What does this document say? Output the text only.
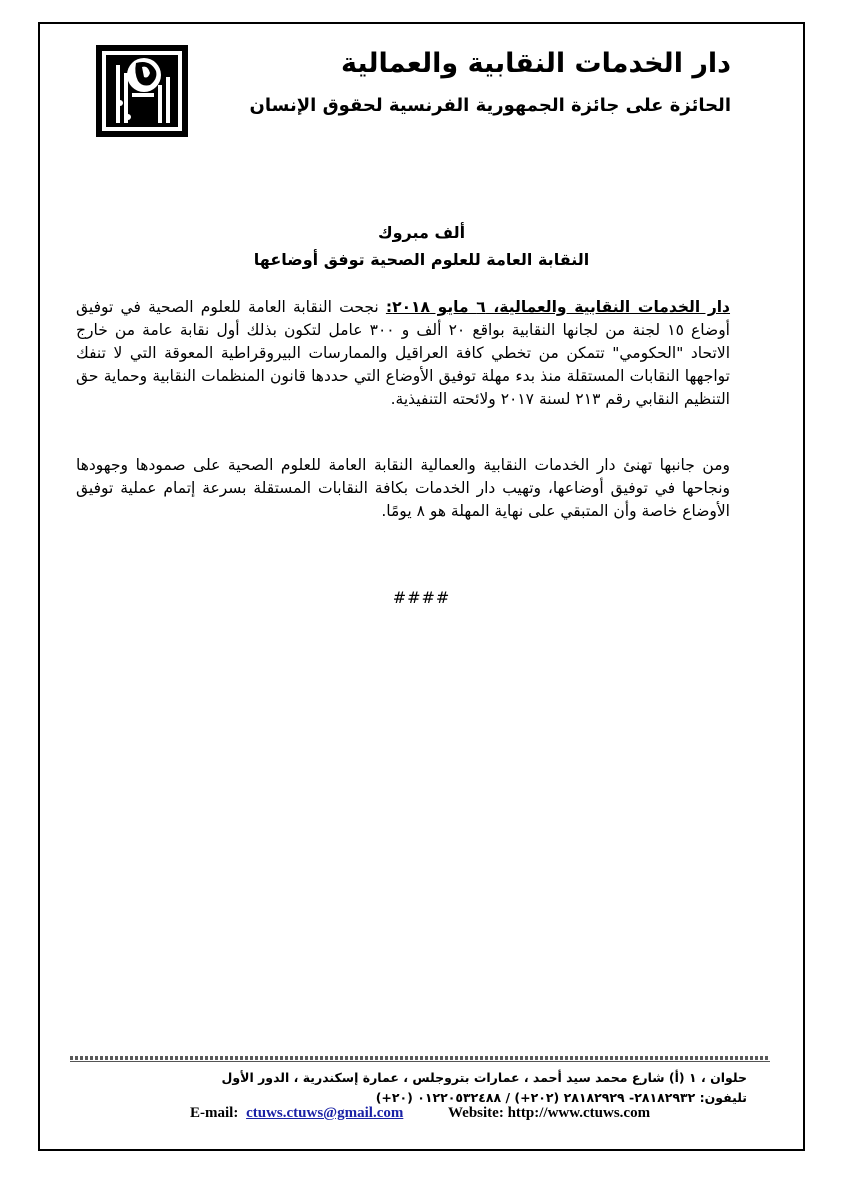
دار الخدمات النقابية والعمالية
الحائزة على جائزة الجمهورية الفرنسية لحقوق الإنسان
ألف مبروك
النقابة العامة للعلوم الصحية توفق أوضاعها
دار الخدمات النقابية والعمالية، ٦ مايو ٢٠١٨: نجحت النقابة العامة للعلوم الصحية في توفيق أوضاع ١٥ لجنة من لجانها النقابية بواقع ٢٠ ألف و ٣٠٠ عامل لتكون بذلك أول نقابة عامة من خارج الاتحاد "الحكومي" تتمكن من تخطي كافة العراقيل والممارسات البيروقراطية المعوقة التي لا تنفك تواجهها النقابات المستقلة منذ بدء مهلة توفيق الأوضاع التي حددها قانون المنظمات النقابية وحماية حق التنظيم النقابي رقم ٢١٣ لسنة ٢٠١٧ ولائحته التنفيذية.
ومن جانبها تهنئ دار الخدمات النقابية والعمالية النقابة العامة للعلوم الصحية على صمودها وجهودها ونجاحها في توفيق أوضاعها، وتهيب دار الخدمات بكافة النقابات المستقلة بسرعة إتمام عملية توفيق الأوضاع خاصة وأن المتبقي على نهاية المهلة هو ٨ يومًا.
####
حلوان ، ١ (أ) شارع محمد سيد أحمد ، عمارات بتروجلس ، عمارة إسكندرية ، الدور الأول
تليفون: ٢٨١٨٢٩٣٢- ٢٨١٨٢٩٢٩ (٢٠٢+) / ٠١٢٢٠٥٣٢٤٨٨ (٢٠+)
E-mail: ctuws.ctuws@gmail.com	Website: http://www.ctuws.com
